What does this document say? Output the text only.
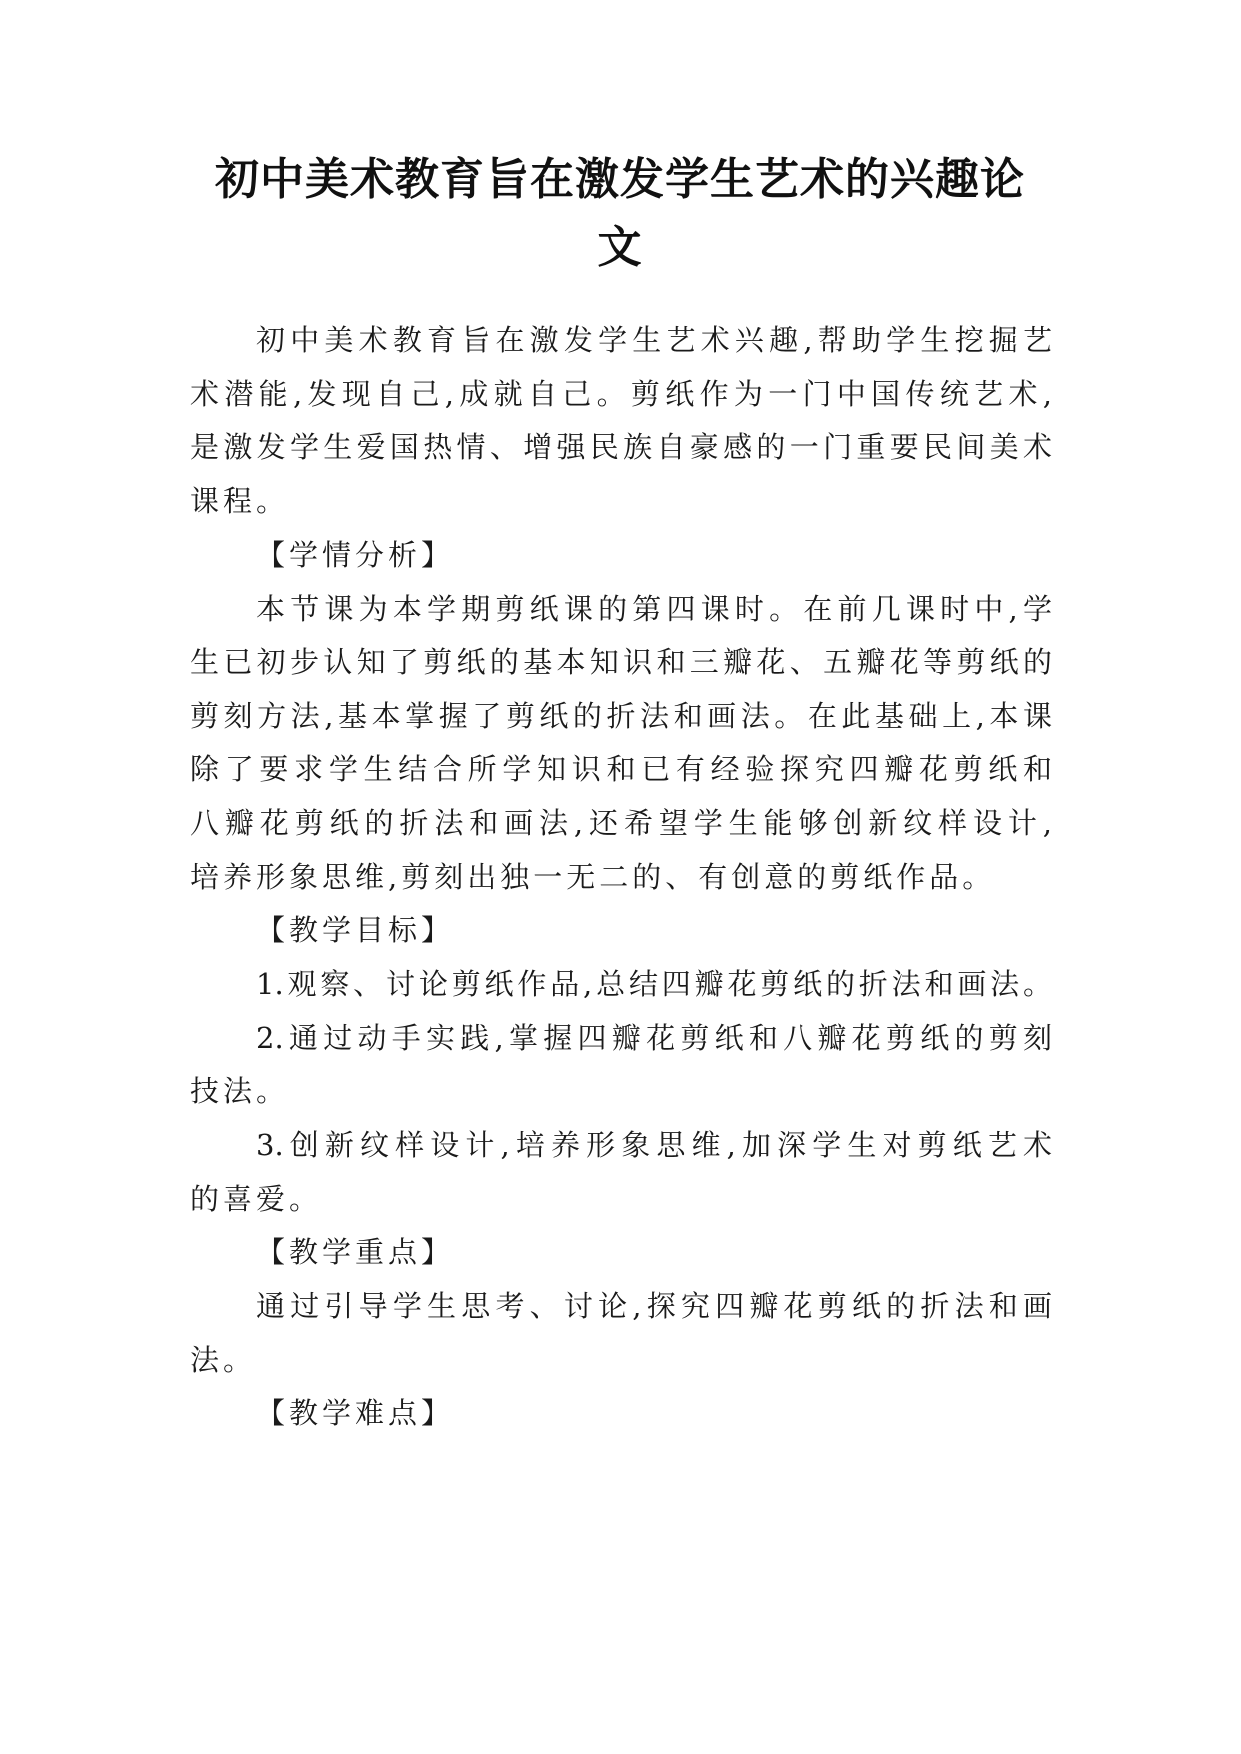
初中美术教育旨在激发学生艺术的兴趣论
文
初中美术教育旨在激发学生艺术兴趣,帮助学生挖掘艺
术潜能,发现自己,成就自己。剪纸作为一门中国传统艺术,
是激发学生爱国热情、增强民族自豪感的一门重要民间美术
课程。
【学情分析】
本节课为本学期剪纸课的第四课时。在前几课时中,学
生已初步认知了剪纸的基本知识和三瓣花、五瓣花等剪纸的
剪刻方法,基本掌握了剪纸的折法和画法。在此基础上,本课
除了要求学生结合所学知识和已有经验探究四瓣花剪纸和
八瓣花剪纸的折法和画法,还希望学生能够创新纹样设计,
培养形象思维,剪刻出独一无二的、有创意的剪纸作品。
【教学目标】
1.观察、讨论剪纸作品,总结四瓣花剪纸的折法和画法。
2.通过动手实践,掌握四瓣花剪纸和八瓣花剪纸的剪刻
技法。
3.创新纹样设计,培养形象思维,加深学生对剪纸艺术
的喜爱。
【教学重点】
通过引导学生思考、讨论,探究四瓣花剪纸的折法和画
法。
【教学难点】
